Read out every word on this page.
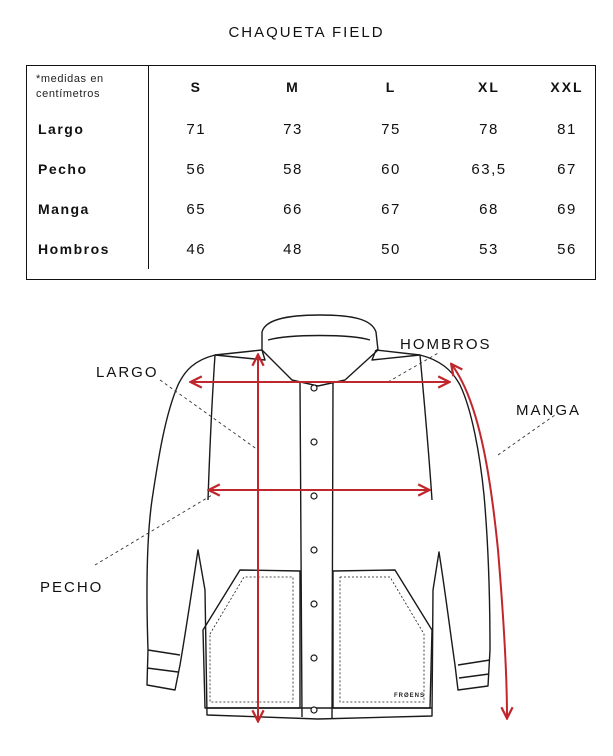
CHAQUETA FIELD
*medidas en centímetros	S	M	L	XL	XXL
Largo	71	73	75	78	81
Pecho	56	58	60	63,5	67
Manga	65	66	67	68	69
Hombros	46	48	50	53	56
FRØENS
LARGO
HOMBROS
MANGA
PECHO
